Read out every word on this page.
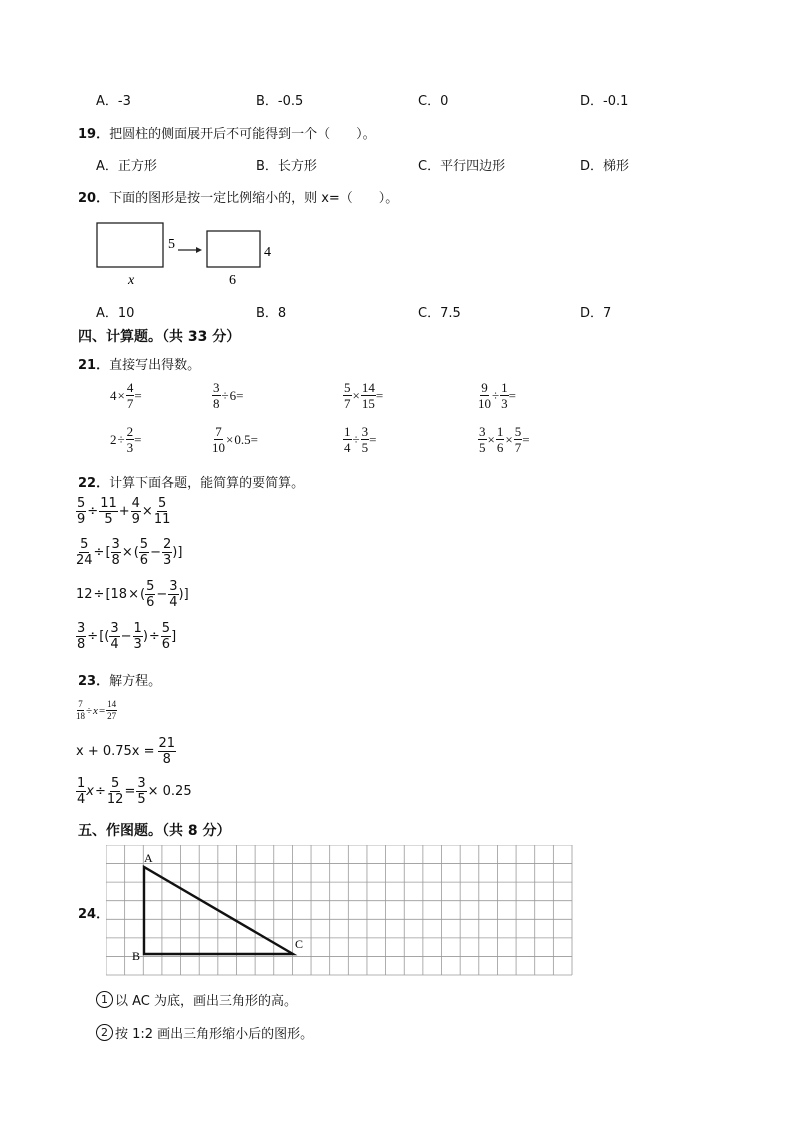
A．-3	B．-0.5	C．0	D．-0.1
19．把圆柱的侧面展开后不可能得到一个（　　）。
A．正方形	B．长方形	C．平行四边形	D．梯形
20．下面的图形是按一定比例缩小的，则 x=（　　）。
5
x
4
6
A．10	B．8	C．7.5	D．7
四、计算题。（共 33 分）
21．直接写出得数。
$4 \times \frac{4}{7}$ =	$\frac{3}{8} \div 6$ =	$\frac{5}{7} \times \frac{14}{15}$ =	$\frac{9}{10} \div \frac{1}{3}$ =
$2 \div \frac{2}{3}$ =	$\frac{7}{10} \times 0.5$ =	$\frac{1}{4} \div \frac{3}{5}$ =	$\frac{3}{5} \times \frac{1}{6} \times \frac{5}{7}$ =
22．计算下面各题，能简算的要简算。
$\frac{5}{9} \div \frac{11}{5} + \frac{4}{9} \times \frac{5}{11}$
$\frac{5}{24}$ ÷ [ $\frac{3}{8}$ × ( $\frac{5}{6} - \frac{2}{3}$ )]
12 ÷ [18 × ( $\frac{5}{6} - \frac{3}{4}$ )]
$\frac{3}{8}$ ÷ [( $\frac{3}{4} - \frac{1}{3}$ ) ÷ $\frac{5}{6}$ ]
23．解方程。
$\frac{7}{18} \div x = \frac{14}{27}$
$x + 0.75x = \frac{21}{8}$
$\frac{1}{4}$ $x \div \frac{5}{12} = \frac{3}{5} \times 0.25$
五、作图题。（共 8 分）
24．
A
B
C
1 以 AC 为底，画出三角形的高。
2 按 1:2 画出三角形缩小后的图形。
